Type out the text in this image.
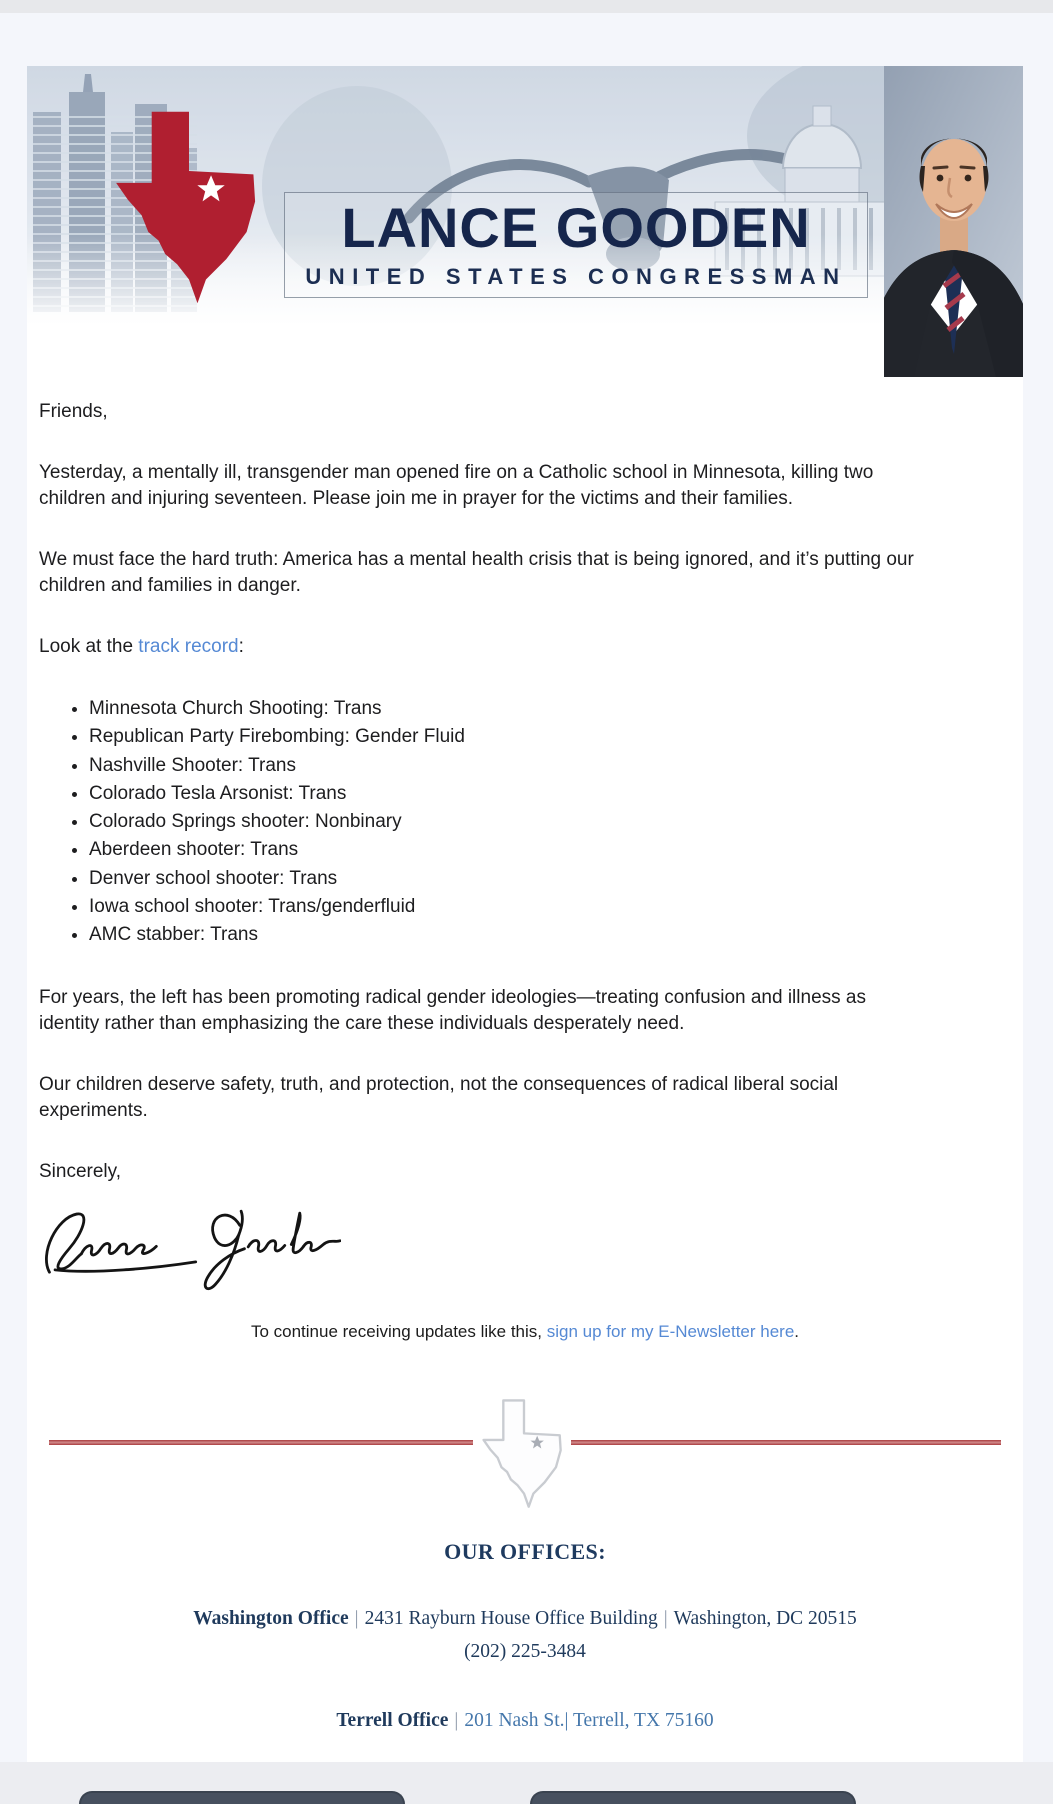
LANCE GOODEN
UNITED STATES CONGRESSMAN

Friends,

Yesterday, a mentally ill, transgender man opened fire on a Catholic school in Minnesota, killing two children and injuring seventeen. Please join me in prayer for the victims and their families.

We must face the hard truth: America has a mental health crisis that is being ignored, and it’s putting our children and families in danger.

Look at the track record:

• Minnesota Church Shooting: Trans
• Republican Party Firebombing: Gender Fluid
• Nashville Shooter: Trans
• Colorado Tesla Arsonist: Trans
• Colorado Springs shooter: Nonbinary
• Aberdeen shooter: Trans
• Denver school shooter: Trans
• Iowa school shooter: Trans/genderfluid
• AMC stabber: Trans

For years, the left has been promoting radical gender ideologies—treating confusion and illness as identity rather than emphasizing the care these individuals desperately need.

Our children deserve safety, truth, and protection, not the consequences of radical liberal social experiments.

Sincerely,

To continue receiving updates like this, sign up for my E-Newsletter here.

OUR OFFICES:
Washington Office | 2431 Rayburn House Office Building | Washington, DC 20515
(202) 225-3484
Terrell Office | 201 Nash St.| Terrell, TX 75160
